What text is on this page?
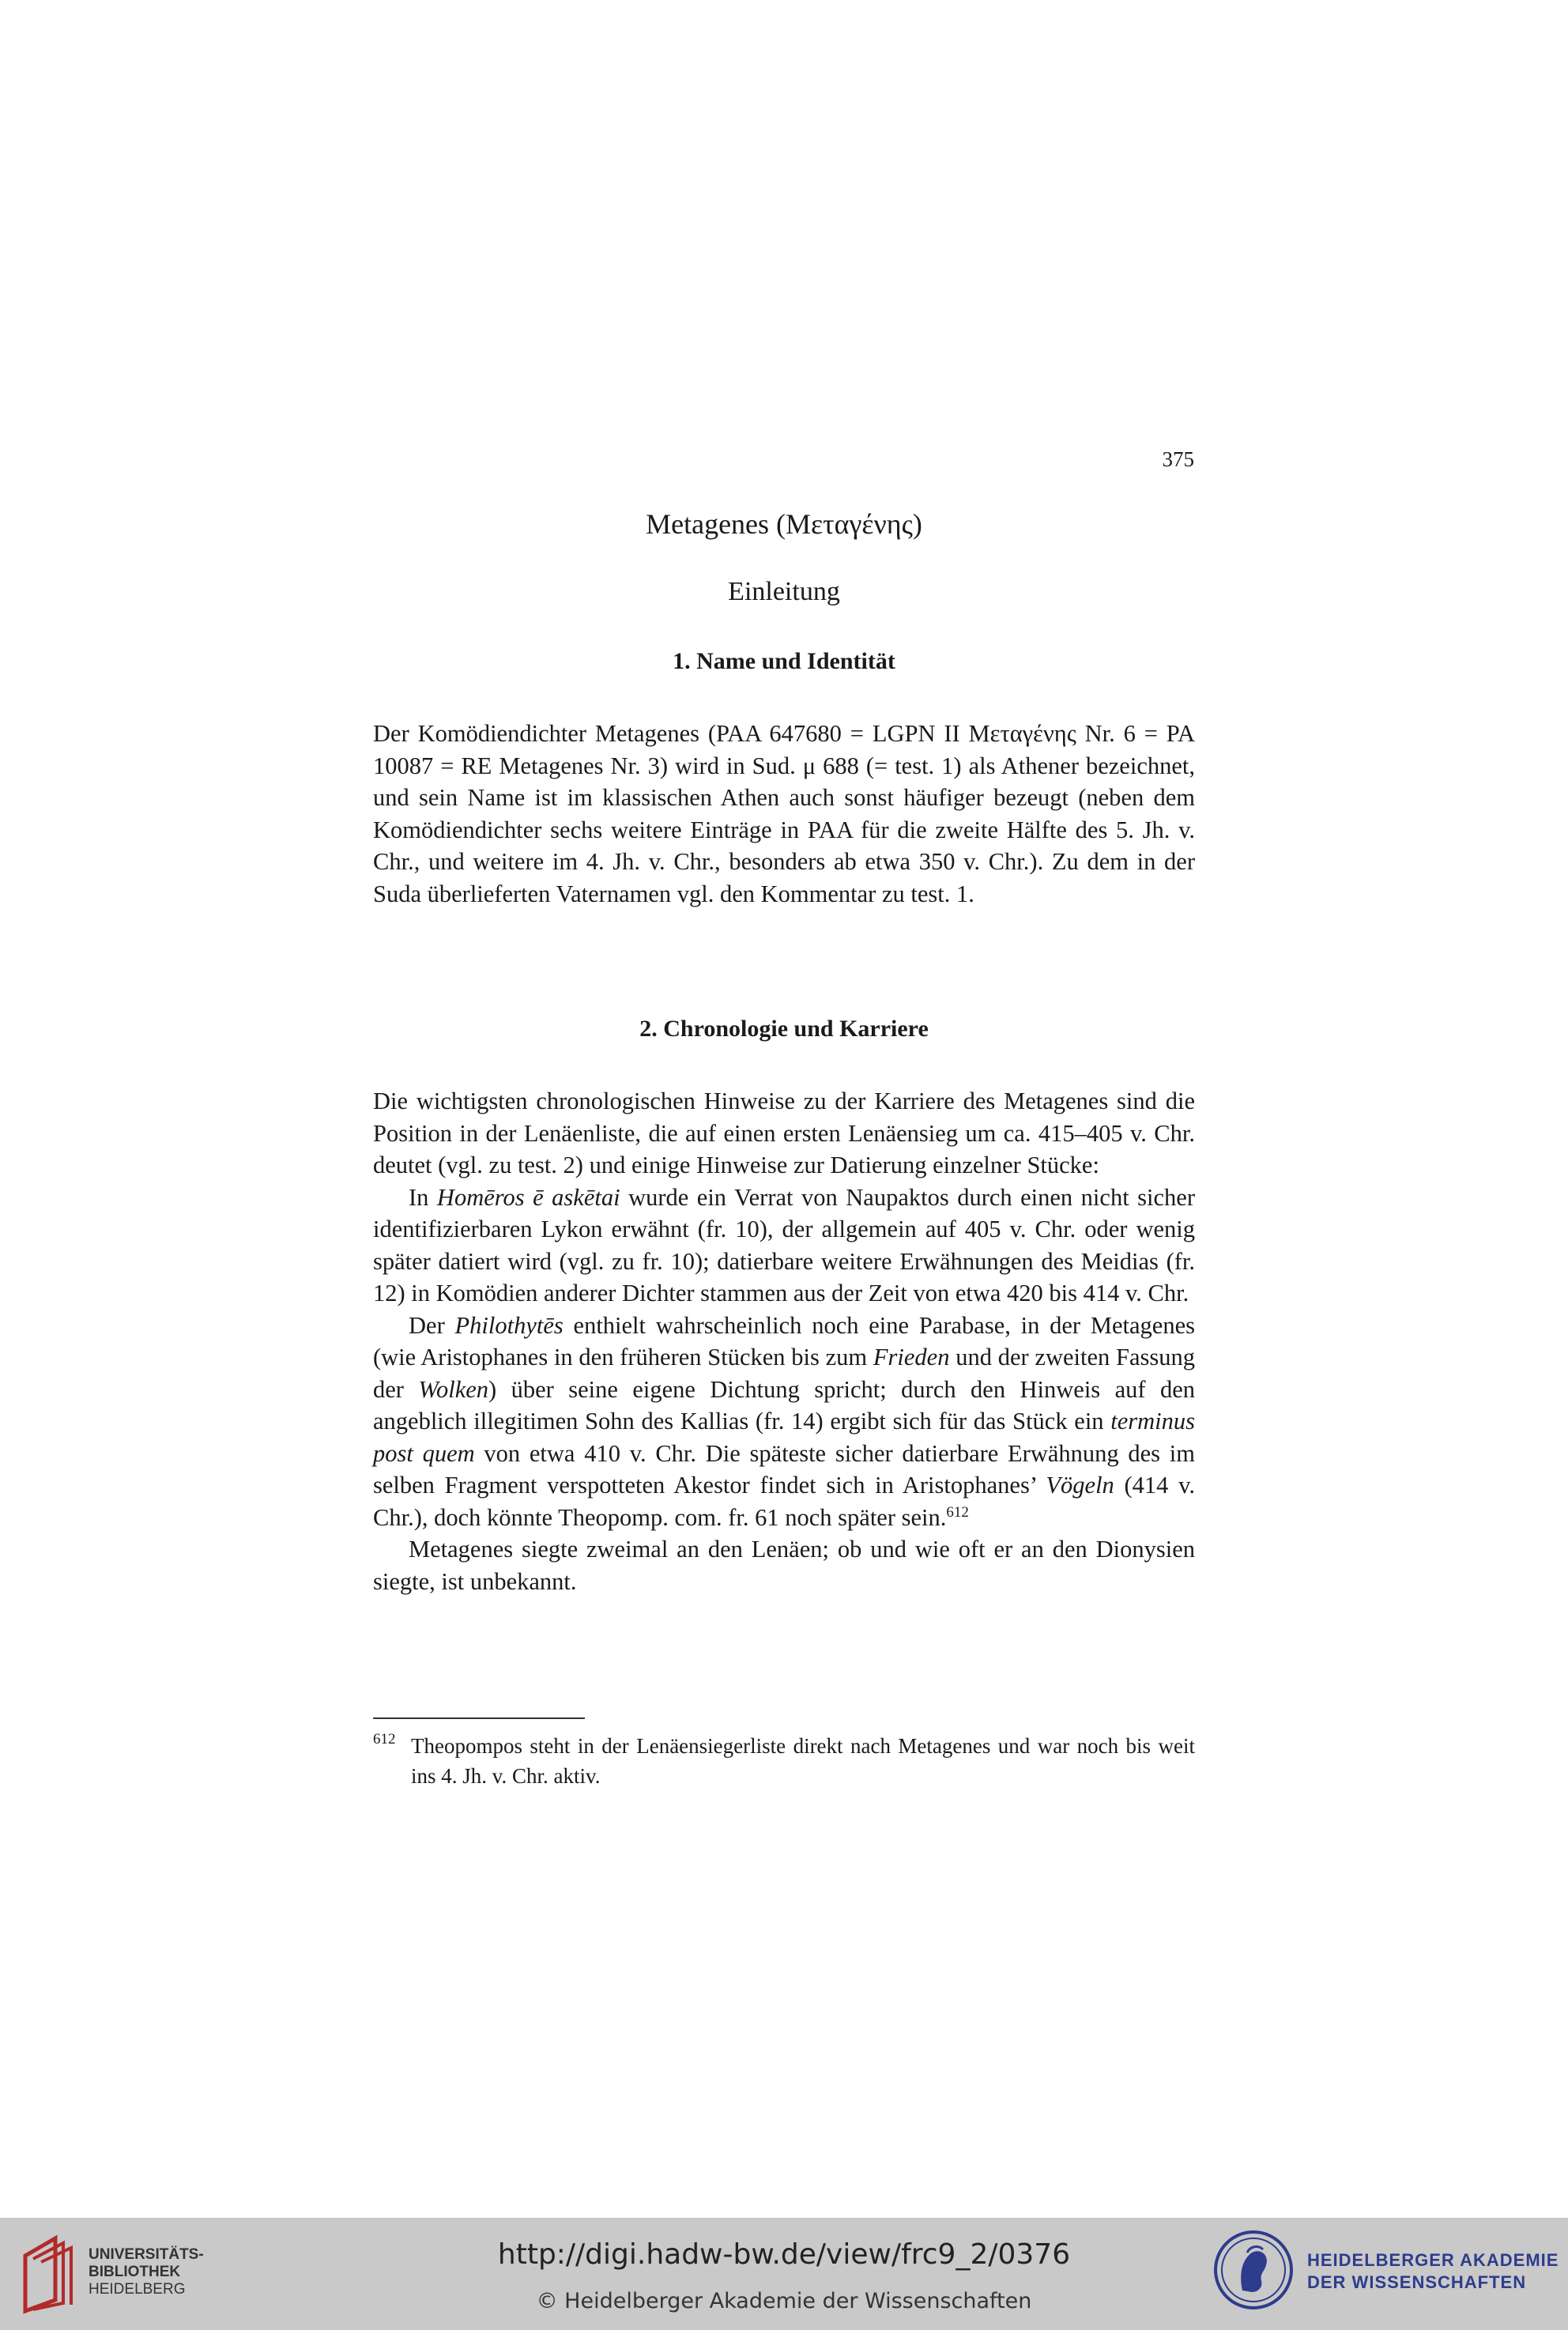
375
Metagenes (Μεταγένης)
Einleitung
1. Name und Identität

Der Komödiendichter Metagenes (PAA 647680 = LGPN II Μεταγένης Nr. 6 = PA 10087 = RE Metagenes Nr. 3) wird in Sud. μ 688 (= test. 1) als Athener bezeichnet, und sein Name ist im klassischen Athen auch sonst häufiger bezeugt (neben dem Komödiendichter sechs weitere Einträge in PAA für die zweite Hälfte des 5. Jh. v. Chr., und weitere im 4. Jh. v. Chr., besonders ab etwa 350 v. Chr.). Zu dem in der Suda überlieferten Vaternamen vgl. den Kommentar zu test. 1.

2. Chronologie und Karriere

Die wichtigsten chronologischen Hinweise zu der Karriere des Metagenes sind die Position in der Lenäenliste, die auf einen ersten Lenäensieg um ca. 415–405 v. Chr. deutet (vgl. zu test. 2) und einige Hinweise zur Datierung einzelner Stücke:

In Homēros ē askētai wurde ein Verrat von Naupaktos durch einen nicht sicher identifizierbaren Lykon erwähnt (fr. 10), der allgemein auf 405 v. Chr. oder wenig später datiert wird (vgl. zu fr. 10); datierbare weitere Erwähnungen des Meidias (fr. 12) in Komödien anderer Dichter stammen aus der Zeit von etwa 420 bis 414 v. Chr.

Der Philothytēs enthielt wahrscheinlich noch eine Parabase, in der Metagenes (wie Aristophanes in den früheren Stücken bis zum Frieden und der zweiten Fassung der Wolken) über seine eigene Dichtung spricht; durch den Hinweis auf den angeblich illegitimen Sohn des Kallias (fr. 14) ergibt sich für das Stück ein terminus post quem von etwa 410 v. Chr. Die späteste sicher datierbare Erwähnung des im selben Fragment verspotteten Akestor findet sich in Aristophanes’ Vögeln (414 v. Chr.), doch könnte Theopomp. com. fr. 61 noch später sein.$^{612}$

Metagenes siegte zweimal an den Lenäen; ob und wie oft er an den Dionysien siegte, ist unbekannt.

612 Theopompos steht in der Lenäensiegerliste direkt nach Metagenes und war noch bis weit ins 4. Jh. v. Chr. aktiv.
UNIVERSITÄTS-
BIBLIOTHEK
HEIDELBERG
http://digi.hadw-bw.de/view/frc9_2/0376
© Heidelberger Akademie der Wissenschaften
HEIDELBERGER AKADEMIE
DER WISSENSCHAFTEN
